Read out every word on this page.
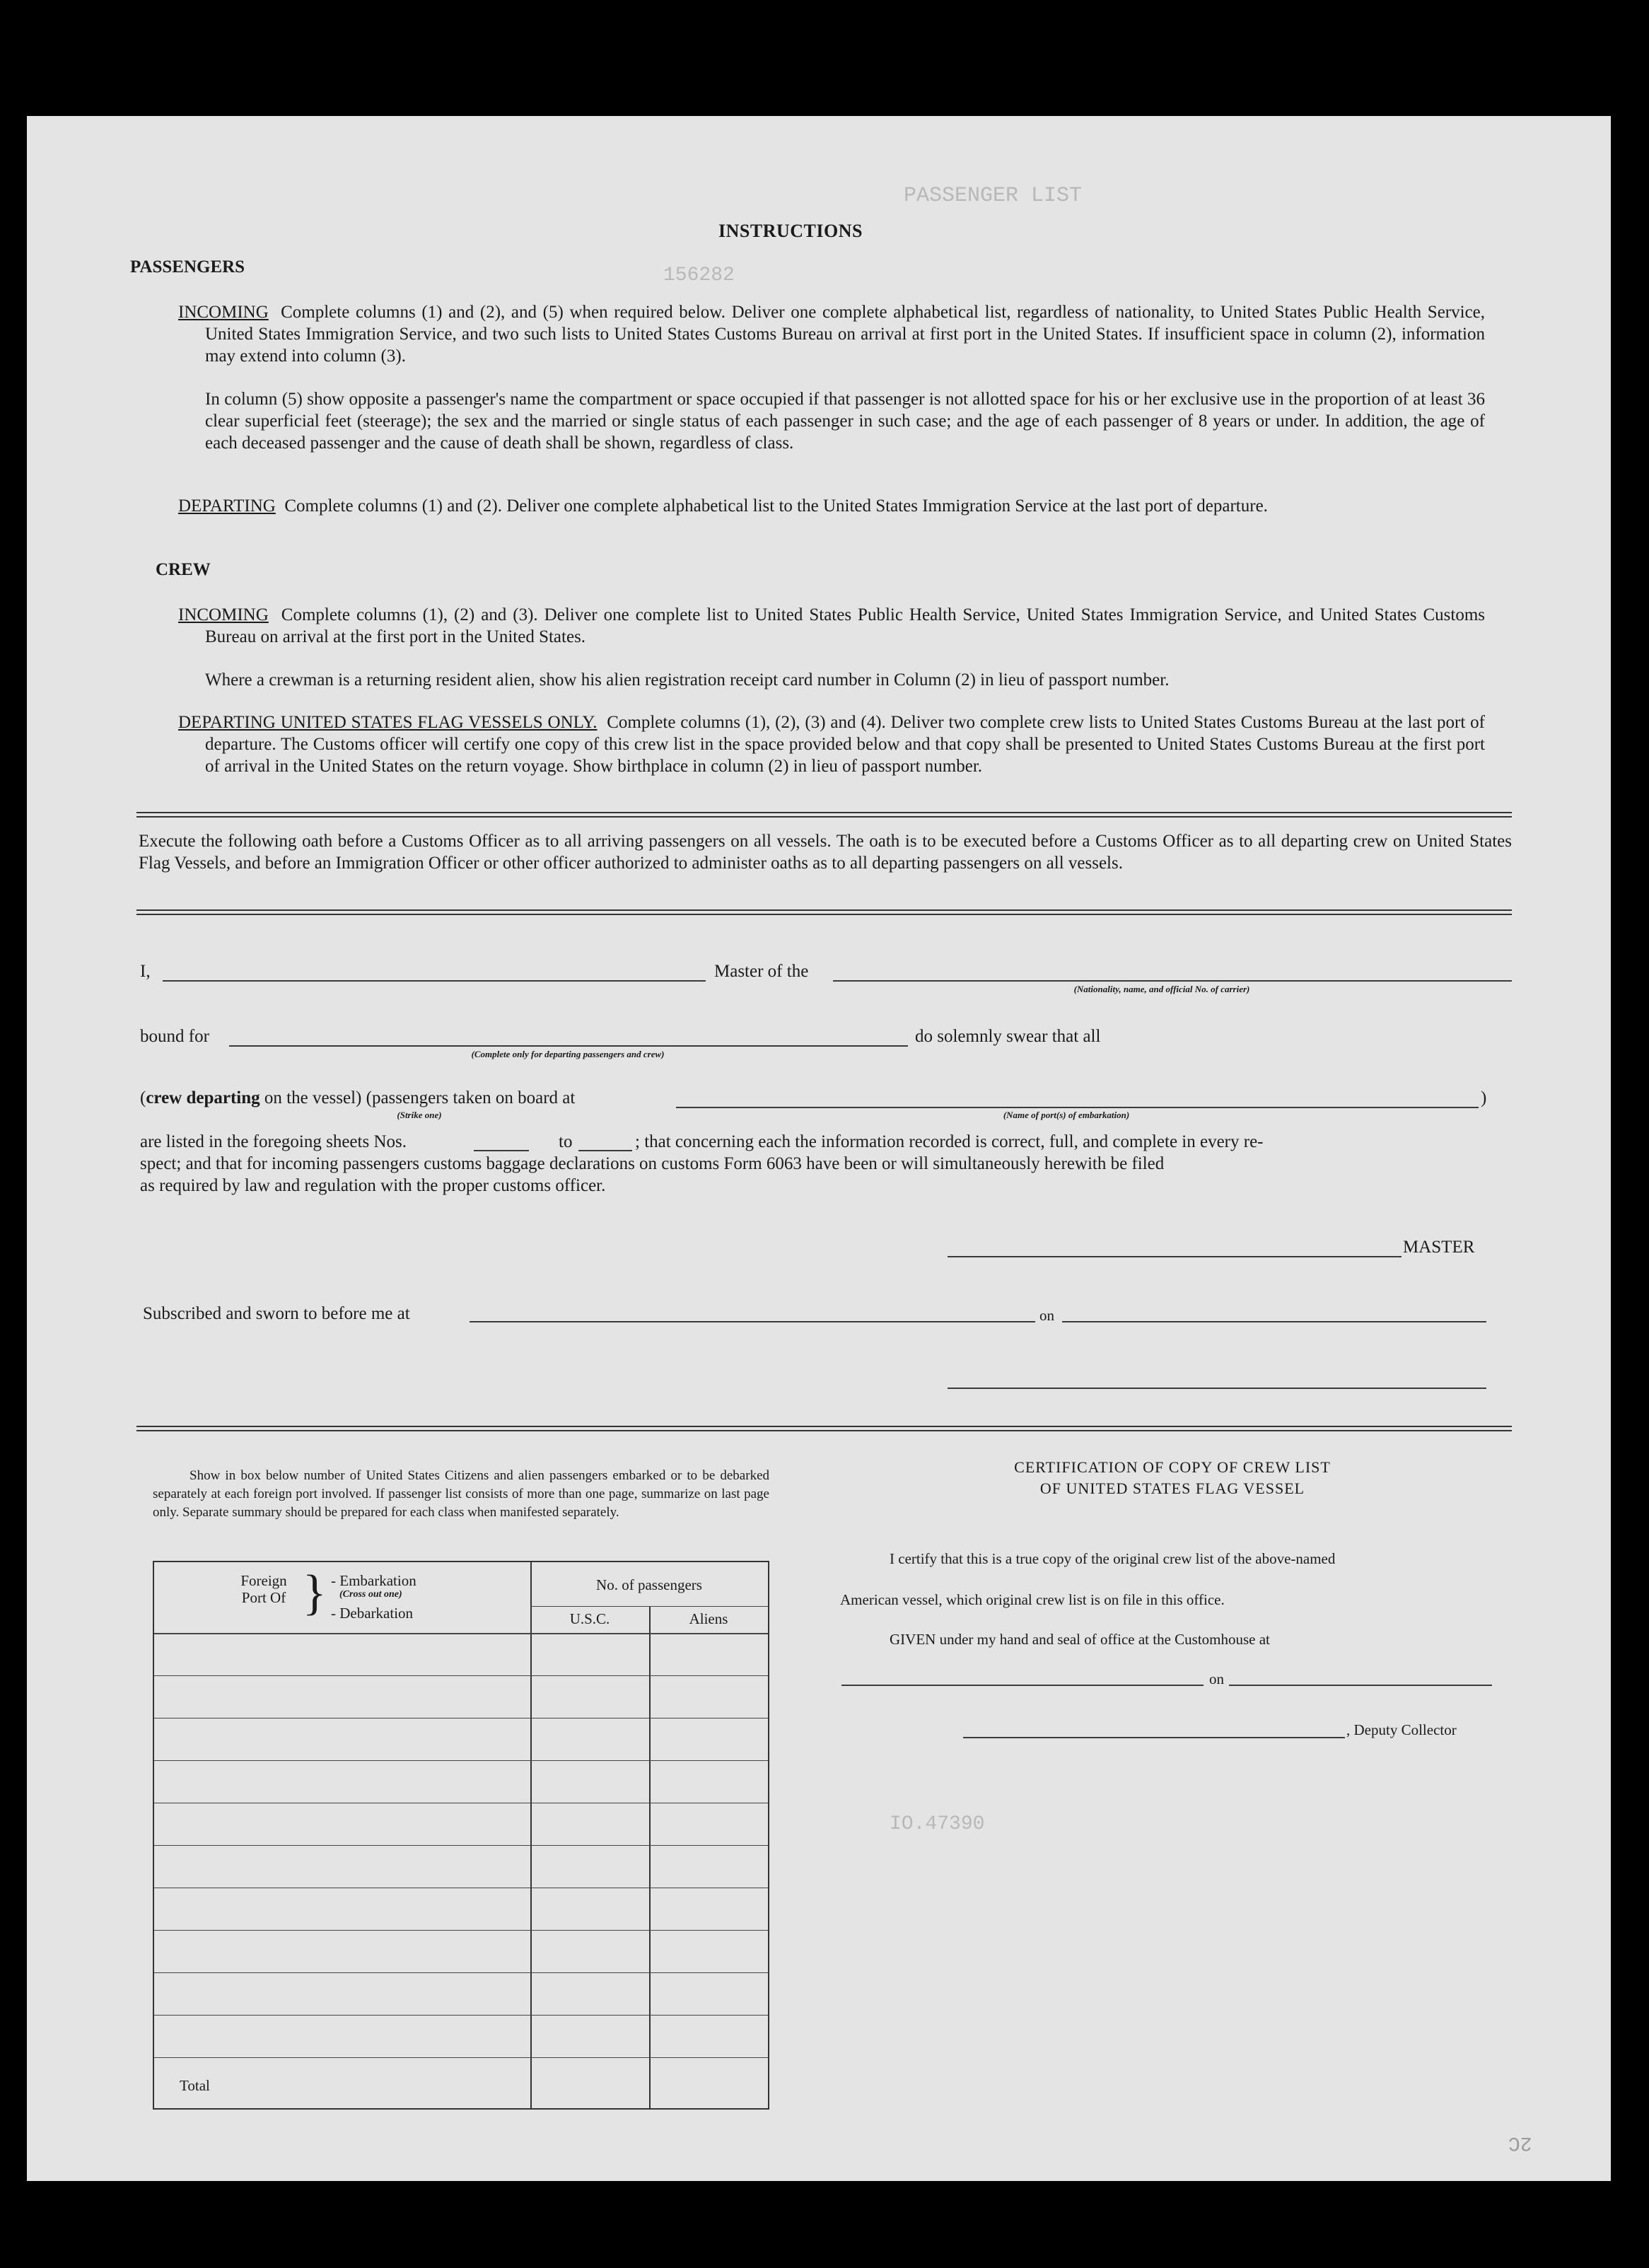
PASSENGER LIST
IO.47390
156282
2C
INSTRUCTIONS
PASSENGERS

INCOMING Complete columns (1) and (2), and (5) when required below. Deliver one complete alphabetical list, regardless of nationality, to United States Public Health Service, United States Immigration Service, and two such lists to United States Customs Bureau on arrival at first port in the United States. If insufficient space in column (2), information may extend into column (3).

In column (5) show opposite a passenger's name the compartment or space occupied if that passenger is not allotted space for his or her exclusive use in the proportion of at least 36 clear superficial feet (steerage); the sex and the married or single status of each passenger in such case; and the age of each passenger of 8 years or under. In addition, the age of each deceased passenger and the cause of death shall be shown, regardless of class.

DEPARTING Complete columns (1) and (2). Deliver one complete alphabetical list to the United States Immigration Service at the last port of departure.

CREW

INCOMING Complete columns (1), (2) and (3). Deliver one complete list to United States Public Health Service, United States Immigration Service, and United States Customs Bureau on arrival at the first port in the United States.

Where a crewman is a returning resident alien, show his alien registration receipt card number in Column (2) in lieu of passport number.

DEPARTING UNITED STATES FLAG VESSELS ONLY. Complete columns (1), (2), (3) and (4). Deliver two complete crew lists to United States Customs Bureau at the last port of departure. The Customs officer will certify one copy of this crew list in the space provided below and that copy shall be presented to United States Customs Bureau at the first port of arrival in the United States on the return voyage. Show birthplace in column (2) in lieu of passport number.

Execute the following oath before a Customs Officer as to all arriving passengers on all vessels. The oath is to be executed before a Customs Officer as to all departing crew on United States Flag Vessels, and before an Immigration Officer or other officer authorized to administer oaths as to all departing passengers on all vessels.

I,	Master of the
(Nationality, name, and official No. of carrier)
bound for	do solemnly swear that all
(Complete only for departing passengers and crew)
(crew departing on the vessel) (passengers taken on board at	)
(Strike one)	(Name of port(s) of embarkation)
are listed in the foregoing sheets Nos.	to	; that concerning each the information recorded is correct, full, and complete in every re-
spect; and that for incoming passengers customs baggage declarations on customs Form 6063 have been or will simultaneously herewith be filed
as required by law and regulation with the proper customs officer.
MASTER
Subscribed and sworn to before me at	on

Show in box below number of United States Citizens and alien passengers embarked or to be debarked separately at each foreign port involved. If passenger list consists of more than one page, summarize on last page only. Separate summary should be prepared for each class when manifested separately.

Foreign Port Of } - Embarkation
(Cross out one)
- Debarkation
No. of passengers
U.S.C.	Aliens
Total
CERTIFICATION OF COPY OF CREW LIST
OF UNITED STATES FLAG VESSEL
I certify that this is a true copy of the original crew list of the above-named
American vessel, which original crew list is on file in this office.
GIVEN under my hand and seal of office at the Customhouse at
on
, Deputy Collector
